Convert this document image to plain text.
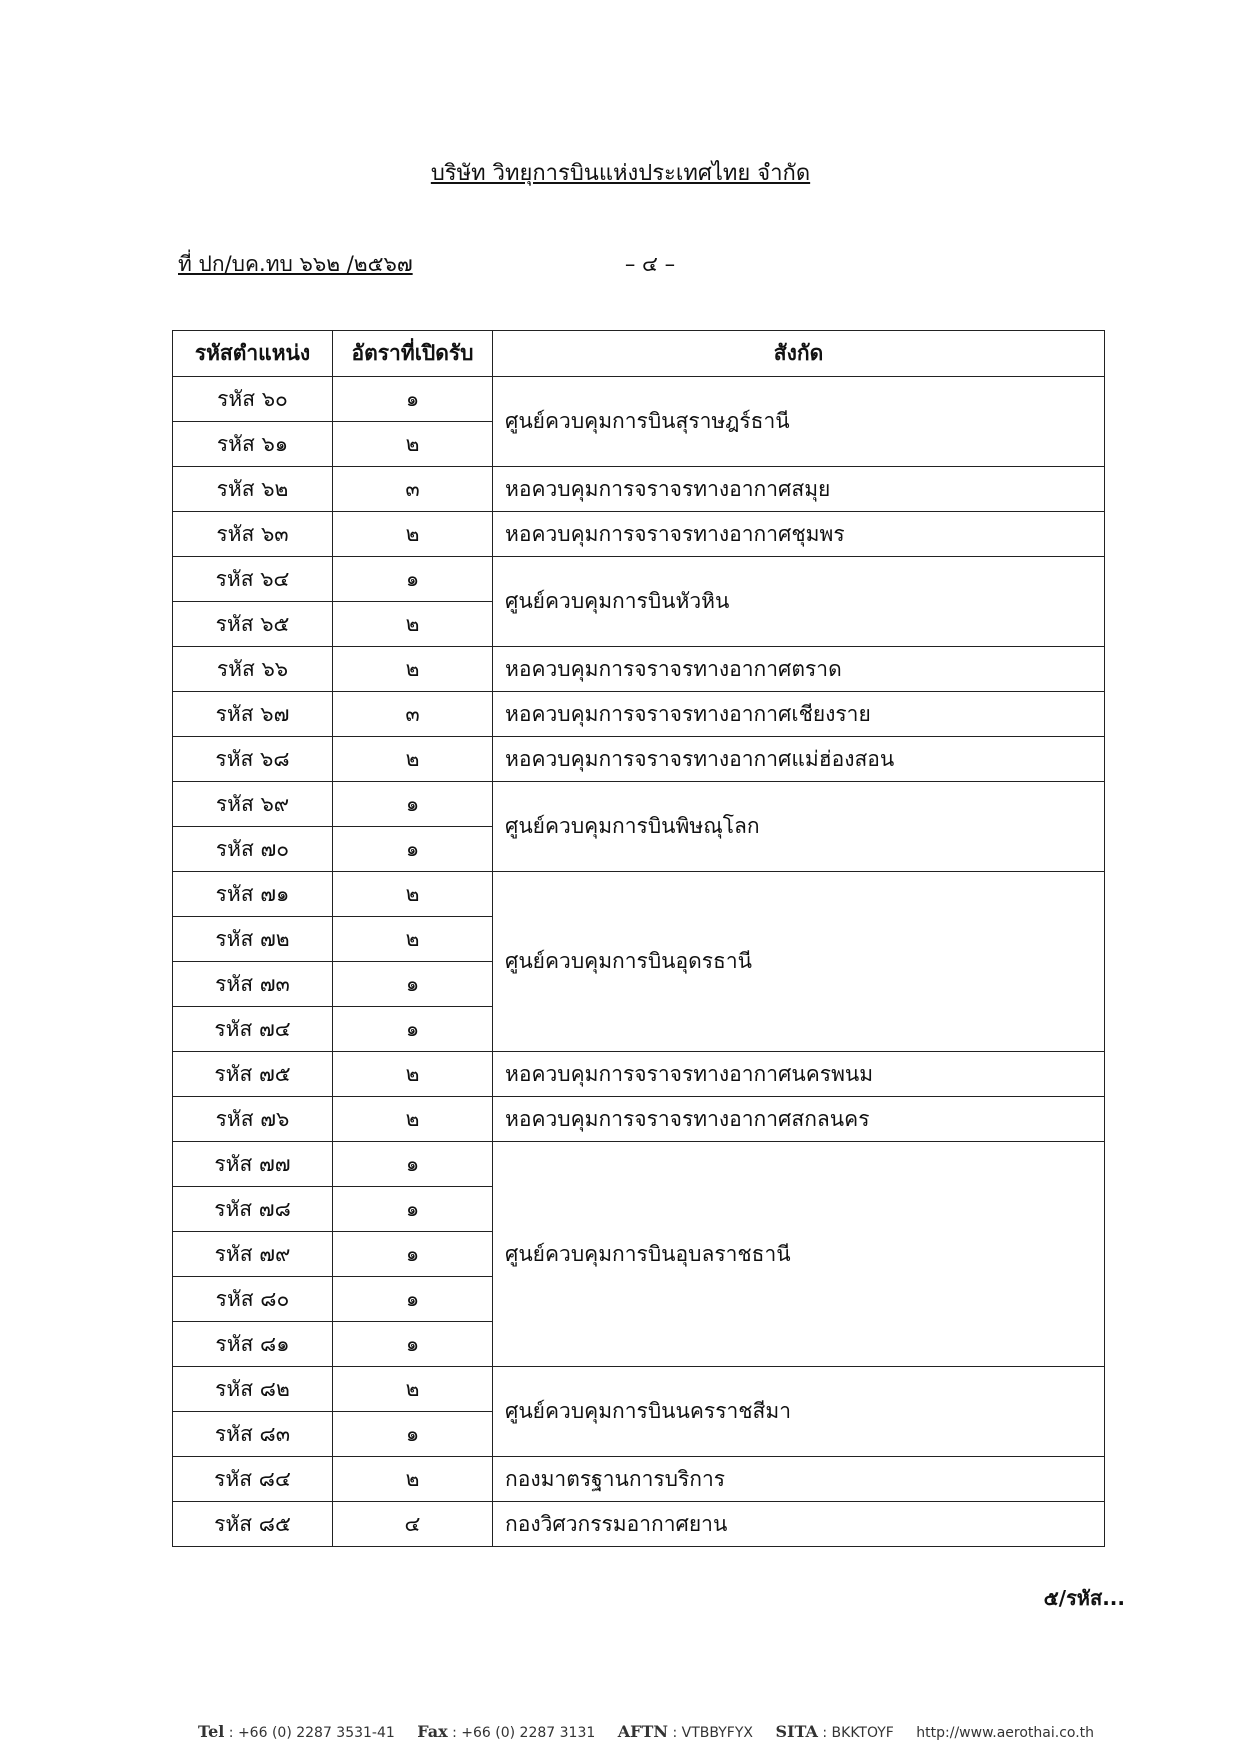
บริษัท วิทยุการบินแห่งประเทศไทย จำกัด
ที่ ปก/บค.ทบ ๖๖๒ /๒๕๖๗	– ๔ –
รหัสตำแหน่ง	อัตราที่เปิดรับ	สังกัด
รหัส ๖๐	๑	ศูนย์ควบคุมการบินสุราษฎร์ธานี
รหัส ๖๑	๒	
รหัส ๖๒	๓	หอควบคุมการจราจรทางอากาศสมุย
รหัส ๖๓	๒	หอควบคุมการจราจรทางอากาศชุมพร
รหัส ๖๔	๑	ศูนย์ควบคุมการบินหัวหิน
รหัส ๖๕	๒	
รหัส ๖๖	๒	หอควบคุมการจราจรทางอากาศตราด
รหัส ๖๗	๓	หอควบคุมการจราจรทางอากาศเชียงราย
รหัส ๖๘	๒	หอควบคุมการจราจรทางอากาศแม่ฮ่องสอน
รหัส ๖๙	๑	ศูนย์ควบคุมการบินพิษณุโลก
รหัส ๗๐	๑	
รหัส ๗๑	๒	ศูนย์ควบคุมการบินอุดรธานี
รหัส ๗๒	๒	
รหัส ๗๓	๑	
รหัส ๗๔	๑	
รหัส ๗๕	๒	หอควบคุมการจราจรทางอากาศนครพนม
รหัส ๗๖	๒	หอควบคุมการจราจรทางอากาศสกลนคร
รหัส ๗๗	๑	ศูนย์ควบคุมการบินอุบลราชธานี
รหัส ๗๘	๑	
รหัส ๗๙	๑	
รหัส ๘๐	๑	
รหัส ๘๑	๑	
รหัส ๘๒	๒	ศูนย์ควบคุมการบินนครราชสีมา
รหัส ๘๓	๑	
รหัส ๘๔	๒	กองมาตรฐานการบริการ
รหัส ๘๕	๔	กองวิศวกรรมอากาศยาน
๕/รหัส...
Tel : +66 (0) 2287 3531-41 Fax : +66 (0) 2287 3131 AFTN : VTBBYFYX SITA : BKKTOYF http://www.aerothai.co.th
